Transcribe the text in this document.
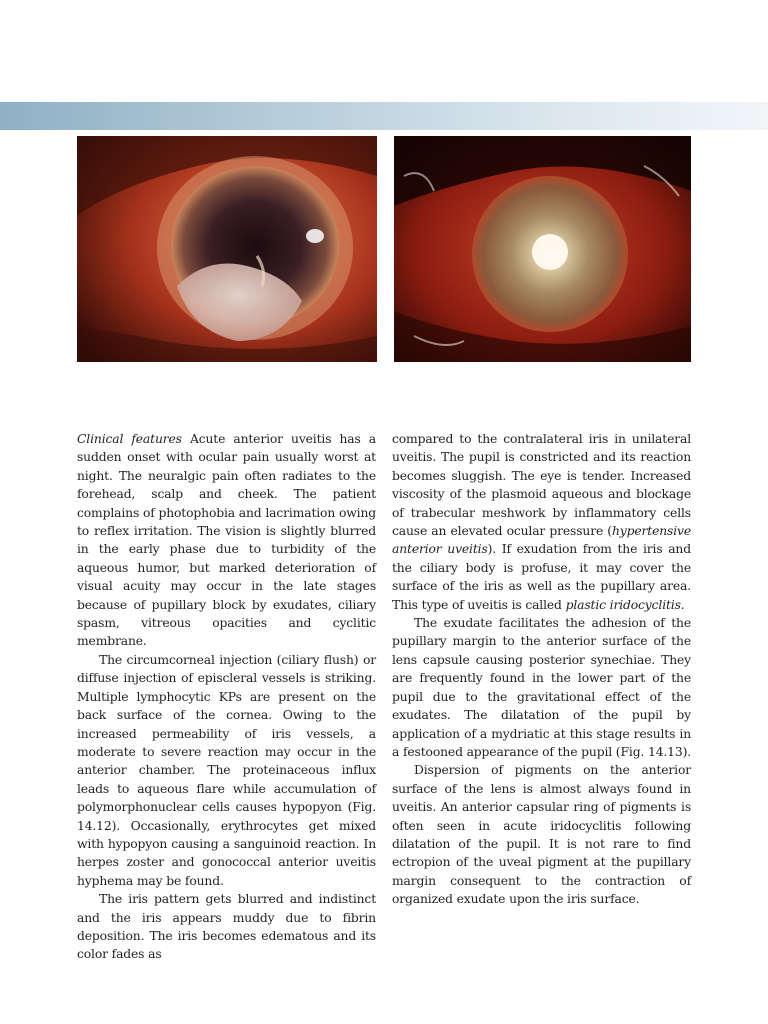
Clinical features Acute anterior uveitis has a sudden onset with ocular pain usually worst at night. The neuralgic pain often radiates to the forehead, scalp and cheek. The patient complains of photophobia and lacrimation owing to reflex irritation. The vision is slightly blurred in the early phase due to turbidity of the aqueous humor, but marked deterioration of visual acuity may occur in the late stages because of pupillary block by exudates, ciliary spasm, vitreous opacities and cyclitic membrane.

The circumcorneal injection (ciliary flush) or diffuse injection of episcleral vessels is striking. Multiple lymphocytic KPs are present on the back surface of the cornea. Owing to the increased permeability of iris vessels, a moderate to severe reaction may occur in the anterior chamber. The proteinaceous influx leads to aqueous flare while accumulation of polymorphonuclear cells causes hypopyon (Fig. 14.12). Occasionally, erythrocytes get mixed with hypopyon causing a sanguinoid reaction. In herpes zoster and gonococcal anterior uveitis hyphema may be found.

The iris pattern gets blurred and indistinct and the iris appears muddy due to fibrin deposition. The iris becomes edematous and its color fades as

compared to the contralateral iris in unilateral uveitis. The pupil is constricted and its reaction becomes sluggish. The eye is tender. Increased viscosity of the plasmoid aqueous and blockage of trabecular meshwork by inflammatory cells cause an elevated ocular pressure (hypertensive anterior uveitis). If exudation from the iris and the ciliary body is profuse, it may cover the surface of the iris as well as the pupillary area. This type of uveitis is called plastic iridocyclitis.

The exudate facilitates the adhesion of the pupillary margin to the anterior surface of the lens capsule causing posterior synechiae. They are frequently found in the lower part of the pupil due to the gravitational effect of the exudates. The dilatation of the pupil by application of a mydriatic at this stage results in a festooned appearance of the pupil (Fig. 14.13).

Dispersion of pigments on the anterior surface of the lens is almost always found in uveitis. An anterior capsular ring of pigments is often seen in acute iridocyclitis following dilatation of the pupil. It is not rare to find ectropion of the uveal pigment at the pupillary margin consequent to the contraction of organized exudate upon the iris surface.
